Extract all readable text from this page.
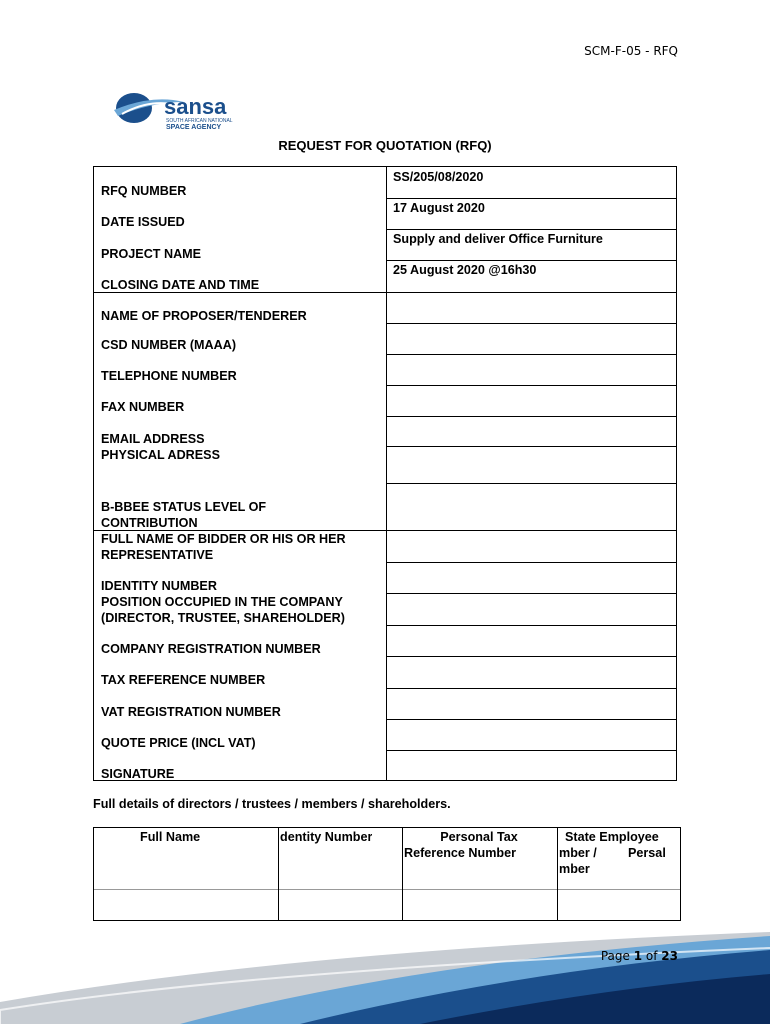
SCM-F-05 - RFQ
sansa
SOUTH AFRICAN NATIONAL
SPACE AGENCY
REQUEST FOR QUOTATION (RFQ)
RFQ NUMBER
DATE ISSUED
PROJECT NAME
CLOSING DATE AND TIME
NAME OF PROPOSER/TENDERER
CSD NUMBER (MAAA)
TELEPHONE NUMBER
FAX NUMBER
EMAIL ADDRESS
PHYSICAL ADRESS
B-BBEE STATUS LEVEL OF
CONTRIBUTION
FULL NAME OF BIDDER OR HIS OR HER
REPRESENTATIVE
IDENTITY NUMBER
POSITION OCCUPIED IN THE COMPANY
(DIRECTOR, TRUSTEE, SHAREHOLDER)
COMPANY REGISTRATION NUMBER
TAX REFERENCE NUMBER
VAT REGISTRATION NUMBER
QUOTE PRICE (INCL VAT)
SIGNATURE
SS/205/08/2020
17 August 2020
Supply and deliver Office Furniture
25 August 2020 @16h30
Full details of directors / trustees / members / shareholders.
Full Name	dentity Number	Personal Tax
Reference Number
State Employee
mber / Persal
mber
Page 1 of 23
